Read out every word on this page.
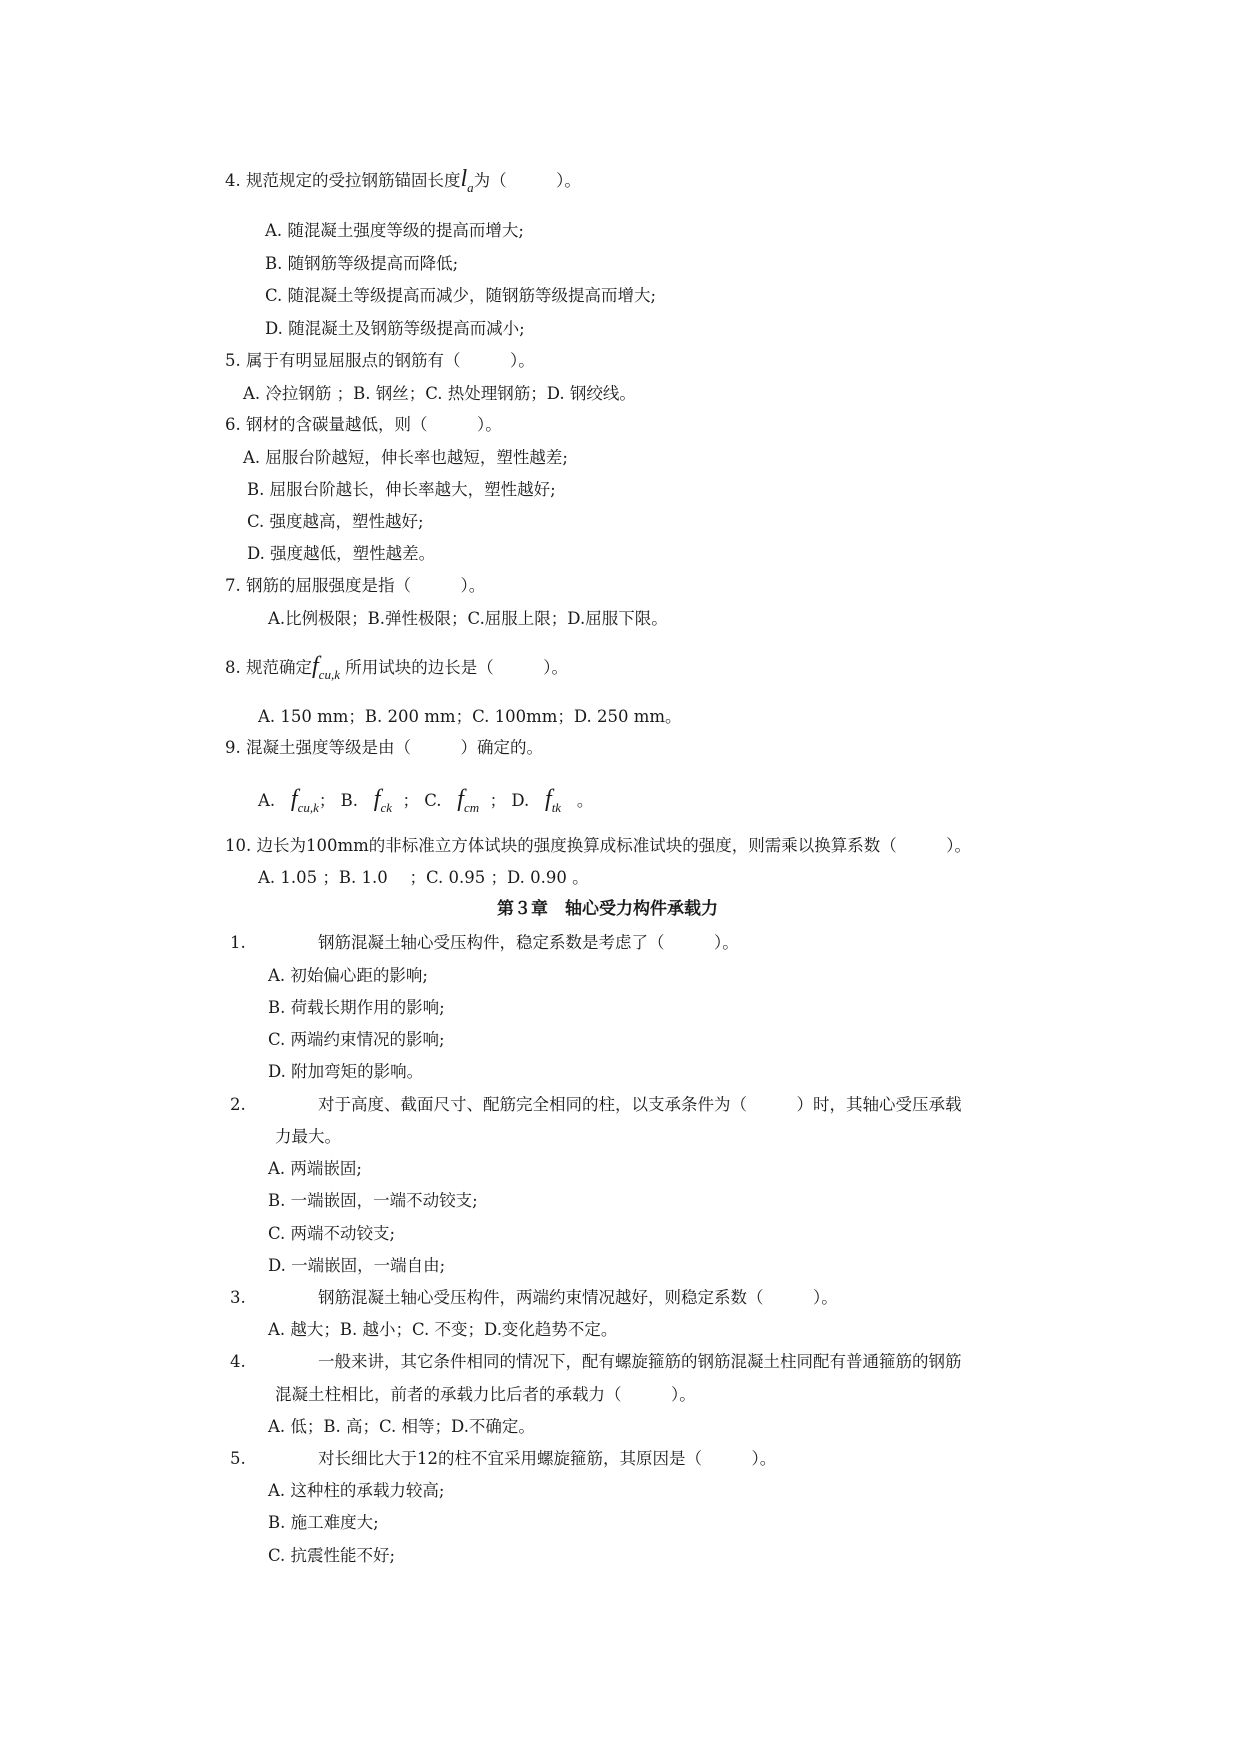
4. 规范规定的受拉钢筋锚固长度$l_a$为（　　　）。
A. 随混凝土强度等级的提高而增大;
B. 随钢筋等级提高而降低;
C. 随混凝土等级提高而减少，随钢筋等级提高而增大;
D. 随混凝土及钢筋等级提高而减小;
5. 属于有明显屈服点的钢筋有（　　　）。
A. 冷拉钢筋 ；B. 钢丝；C. 热处理钢筋；D. 钢绞线。
6. 钢材的含碳量越低，则（　　　）。
A. 屈服台阶越短，伸长率也越短，塑性越差;
B. 屈服台阶越长，伸长率越大，塑性越好;
C. 强度越高，塑性越好;
D. 强度越低，塑性越差。
7. 钢筋的屈服强度是指（　　　）。
A.比例极限；B.弹性极限；C.屈服上限；D.屈服下限。
8. 规范确定$f_{cu,k}$ 所用试块的边长是（　　　）。
A. 150 mm；B. 200 mm；C. 100mm；D. 250 mm。
9. 混凝土强度等级是由（　　　）确定的。
A. $f_{cu,k}$； B. $f_{ck}$ ； C. $f_{cm}$ ； D. $f_{tk}$ 。
10. 边长为100mm的非标准立方体试块的强度换算成标准试块的强度，则需乘以换算系数（　　　）。
A. 1.05 ；B. 1.0 　；C. 0.95 ；D. 0.90 。
第３章　轴心受力构件承载力
1.	钢筋混凝土轴心受压构件，稳定系数是考虑了（　　　）。
A. 初始偏心距的影响;
B. 荷载长期作用的影响;
C. 两端约束情况的影响;
D. 附加弯矩的影响。
2.	对于高度、截面尺寸、配筋完全相同的柱，以支承条件为（　　　）时，其轴心受压承载
力最大。
A. 两端嵌固;
B. 一端嵌固，一端不动铰支;
C. 两端不动铰支;
D. 一端嵌固，一端自由;
3.	钢筋混凝土轴心受压构件，两端约束情况越好，则稳定系数（　　　）。
A. 越大；B. 越小；C. 不变；D.变化趋势不定。
4.	一般来讲，其它条件相同的情况下，配有螺旋箍筋的钢筋混凝土柱同配有普通箍筋的钢筋
混凝土柱相比，前者的承载力比后者的承载力（　　　）。
A. 低；B. 高；C. 相等；D.不确定。
5.	对长细比大于12的柱不宜采用螺旋箍筋，其原因是（　　　）。
A. 这种柱的承载力较高;
B. 施工难度大;
C. 抗震性能不好;
